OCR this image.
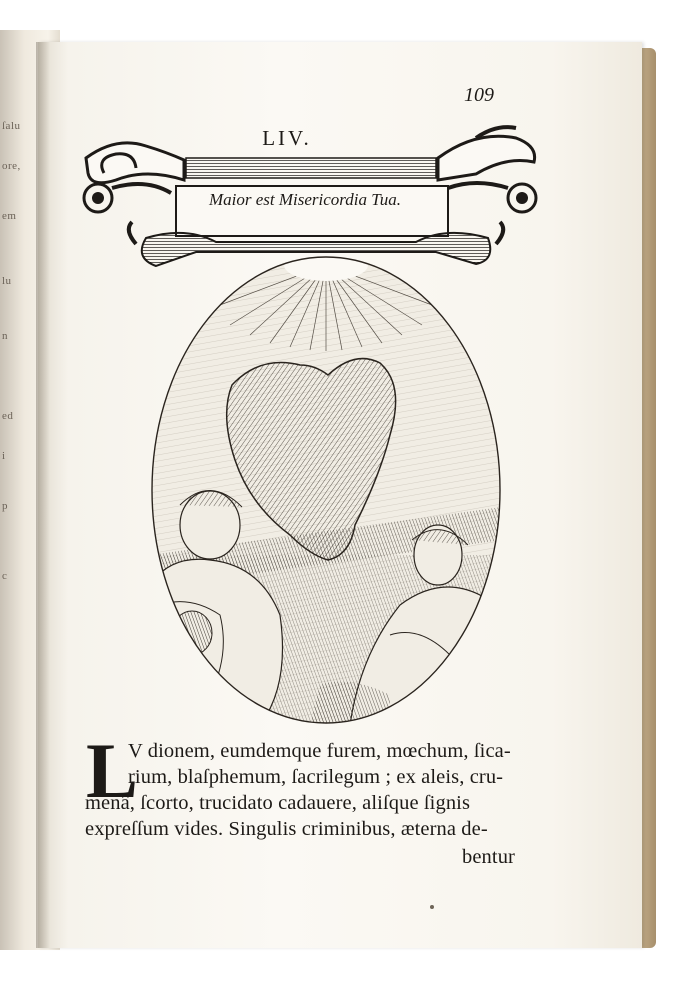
ſalu
ore,
em
lu
n
ed
i
p
c
109
LIV.
Maior est Misericordia Tua.
L
V dionem, eumdemque furem, mœchum, ſica-
rium, blaſphemum, ſacrilegum ; ex aleis, cru-
menâ, ſcorto, trucidato cadauere, aliſque ſignis
expreſſum vides. Singulis criminibus, æterna de-
bentur
